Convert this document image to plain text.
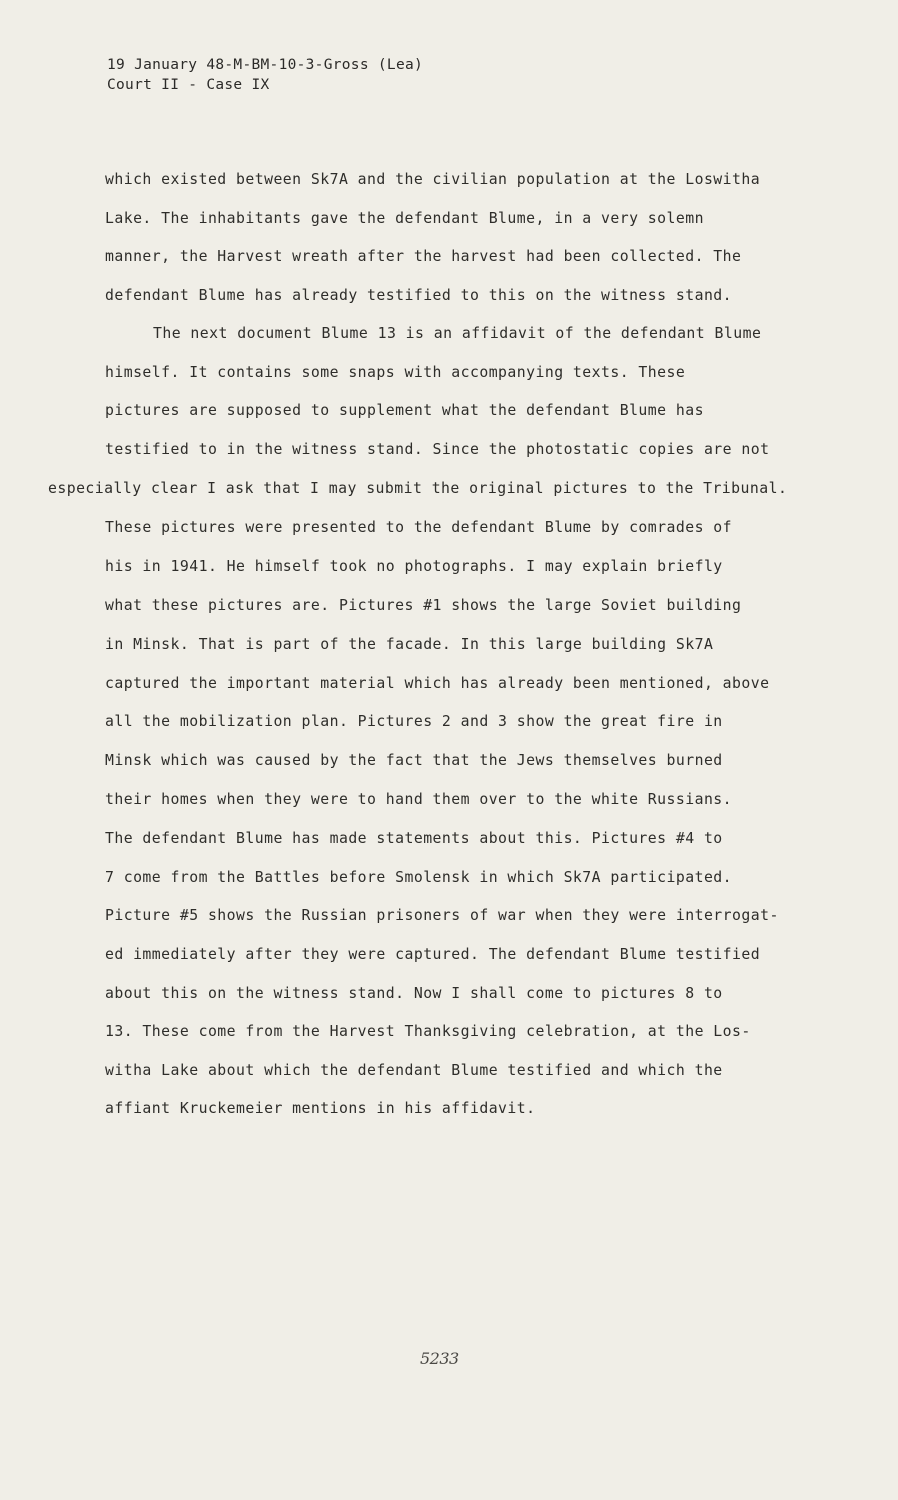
19 January 48-M-BM-10-3-Gross (Lea)
Court II - Case IX
which existed between Sk7A and the civilian population at the Loswitha
Lake. The inhabitants gave the defendant Blume, in a very solemn
manner, the Harvest wreath after the harvest had been collected. The
defendant Blume has already testified to this on the witness stand.
The next document Blume 13 is an affidavit of the defendant Blume
himself. It contains some snaps with accompanying texts. These
pictures are supposed to supplement what the defendant Blume has
testified to in the witness stand. Since the photostatic copies are not
especially clear I ask that I may submit the original pictures to the Tribunal.
These pictures were presented to the defendant Blume by comrades of
his in 1941. He himself took no photographs. I may explain briefly
what these pictures are. Pictures #1 shows the large Soviet building
in Minsk. That is part of the facade. In this large building Sk7A
captured the important material which has already been mentioned, above
all the mobilization plan. Pictures 2 and 3 show the great fire in
Minsk which was caused by the fact that the Jews themselves burned
their homes when they were to hand them over to the white Russians.
The defendant Blume has made statements about this. Pictures #4 to
7 come from the Battles before Smolensk in which Sk7A participated.
Picture #5 shows the Russian prisoners of war when they were interrogat-
ed immediately after they were captured. The defendant Blume testified
about this on the witness stand. Now I shall come to pictures 8 to
13. These come from the Harvest Thanksgiving celebration, at the Los-
witha Lake about which the defendant Blume testified and which the
affiant Kruckemeier mentions in his affidavit.
5233
